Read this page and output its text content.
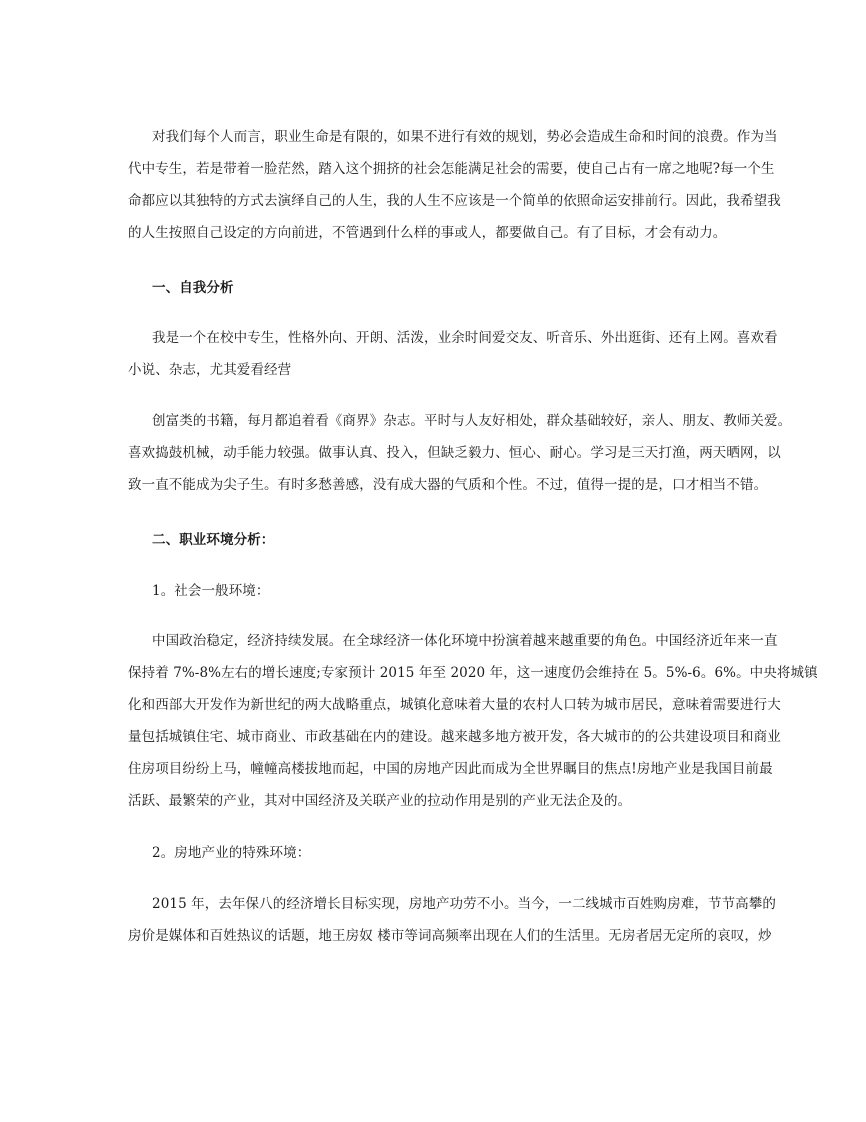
对我们每个人而言，职业生命是有限的，如果不进行有效的规划，势必会造成生命和时间的浪费。作为当
代中专生，若是带着一脸茫然，踏入这个拥挤的社会怎能满足社会的需要，使自己占有一席之地呢?每一个生
命都应以其独特的方式去演绎自己的人生，我的人生不应该是一个简单的依照命运安排前行。因此，我希望我
的人生按照自己设定的方向前进，不管遇到什么样的事或人，都要做自己。有了目标，才会有动力。
一、自我分析
我是一个在校中专生，性格外向、开朗、活泼，业余时间爱交友、听音乐、外出逛街、还有上网。喜欢看
小说、杂志，尤其爱看经营
创富类的书籍，每月都追着看《商界》杂志。平时与人友好相处，群众基础较好，亲人、朋友、教师关爱。
喜欢捣鼓机械，动手能力较强。做事认真、投入，但缺乏毅力、恒心、耐心。学习是三天打渔，两天晒网，以
致一直不能成为尖子生。有时多愁善感，没有成大器的气质和个性。不过，值得一提的是，口才相当不错。
二、职业环境分析：
1。社会一般环境：
中国政治稳定，经济持续发展。在全球经济一体化环境中扮演着越来越重要的角色。中国经济近年来一直
保持着 7%-8%左右的增长速度;专家预计 2015 年至 2020 年，这一速度仍会维持在 5。5%-6。6%。中央将城镇
化和西部大开发作为新世纪的两大战略重点，城镇化意味着大量的农村人口转为城市居民，意味着需要进行大
量包括城镇住宅、城市商业、市政基础在内的建设。越来越多地方被开发，各大城市的的公共建设项目和商业
住房项目纷纷上马，幢幢高楼拔地而起，中国的房地产因此而成为全世界瞩目的焦点!房地产业是我国目前最
活跃、最繁荣的产业，其对中国经济及关联产业的拉动作用是别的产业无法企及的。
2。房地产业的特殊环境：
2015 年，去年保八的经济增长目标实现，房地产功劳不小。当今，一二线城市百姓购房难，节节高攀的
房价是媒体和百姓热议的话题，地王房奴 楼市等词高频率出现在人们的生活里。无房者居无定所的哀叹，炒
